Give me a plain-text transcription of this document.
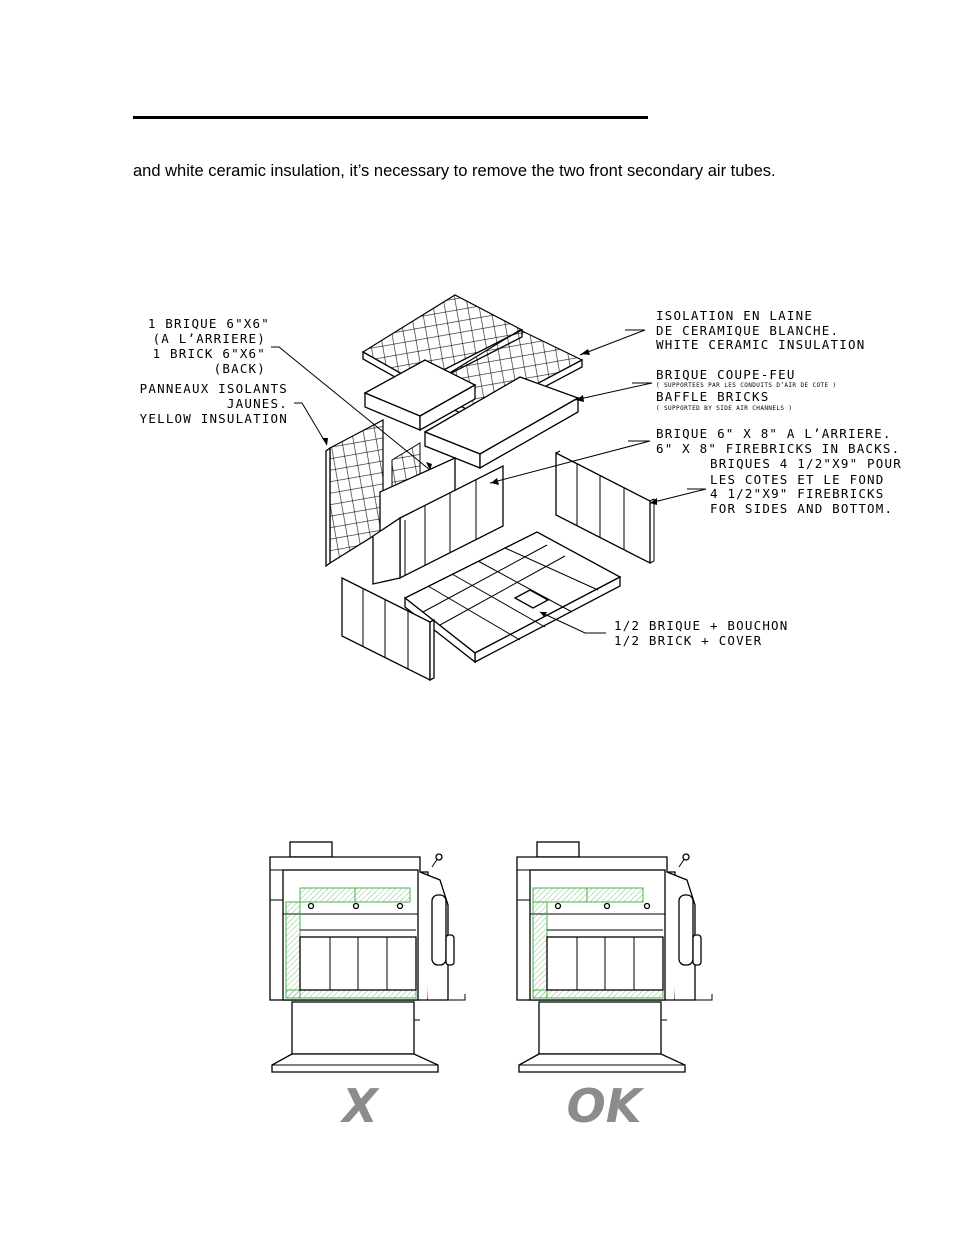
and white ceramic insulation, it’s necessary to remove the two front secondary air tubes.
1 BRIQUE 6"X6"
(A L’ARRIERE)
1 BRICK 6"X6"
(BACK)
PANNEAUX ISOLANTS
JAUNES.
YELLOW INSULATION
ISOLATION EN LAINE
DE CERAMIQUE BLANCHE.
WHITE CERAMIC INSULATION
BRIQUE COUPE-FEU
( SUPPORTEES PAR LES CONDUITS D’AIR DE COTE )
BAFFLE BRICKS
( SUPPORTED BY SIDE AIR CHANNELS )
BRIQUE 6" X 8" A L’ARRIERE.
6" X 8" FIREBRICKS IN BACKS.
BRIQUES 4 1/2"X9" POUR
LES COTES ET LE FOND
4 1/2"X9" FIREBRICKS
FOR SIDES AND BOTTOM.
1/2 BRIQUE + BOUCHON
1/2 BRICK + COVER
X	OK
